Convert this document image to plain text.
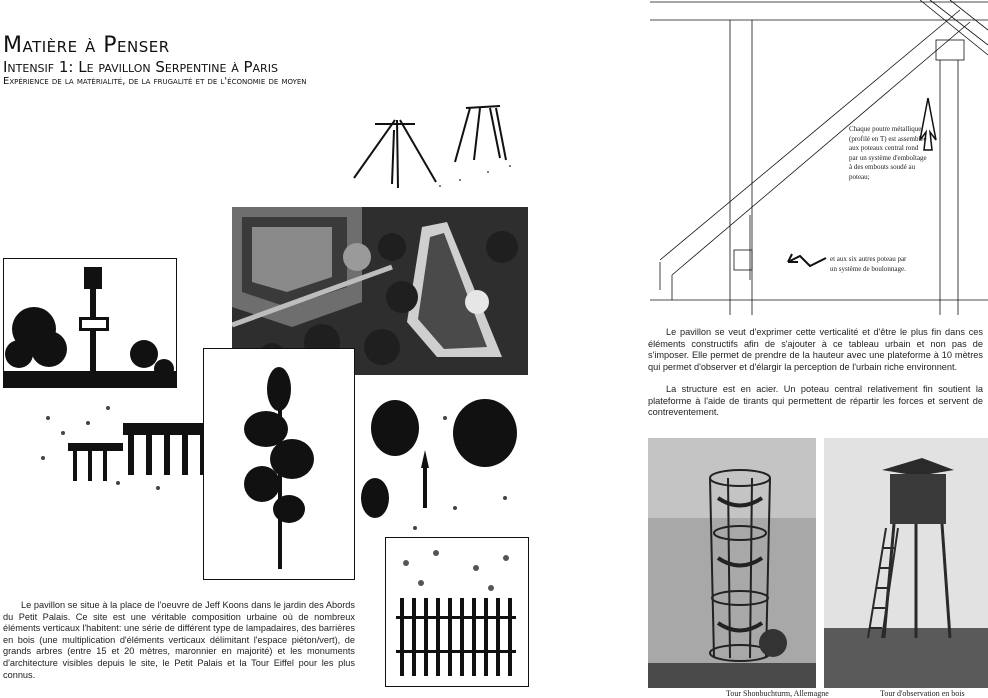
Matière à Penser
Intensif 1: Le pavillon Serpentine à Paris
Expérience de la matérialité, de la frugalité et de l'économie de moyen
Le pavillon se situe à la place de l'oeuvre de Jeff Koons dans le jardin des Abords du Petit Palais. Ce site est une véritable composition urbaine où de nombreux éléments verticaux l'habitent: une série de différent type de lampadaires, des barrières en bois (une multiplication d'éléments verticaux délimitant l'espace piéton/vert), de grands arbres (entre 15 et 20 mètres, maronnier en majorité) et les monuments d'architecture visibles depuis le site, le Petit Palais et la Tour Eiffel pour les plus connus.
Chaque poutre métallique (profilé en T) est assemblée aux poteaux central rond par un système d'emboîtage à des embouts soudé au poteau;
et aux six autres poteau par un système de boulonnage.
Le pavillon se veut d'exprimer cette verticalité et d'être le plus fin dans ces éléments constructifs afin de s'ajouter à ce tableau urbain et non pas de s'imposer. Elle permet de prendre de la hauteur avec une plateforme à 10 mètres qui permet d'observer et d'élargir la perception de l'urbain riche environnent.
La structure est en acier. Un poteau central relativement fin soutient la plateforme à l'aide de tirants qui permettent de répartir les forces et servent de contreventement.
Tour Shonbuchturm, Allemagne	Tour d'observation en bois
